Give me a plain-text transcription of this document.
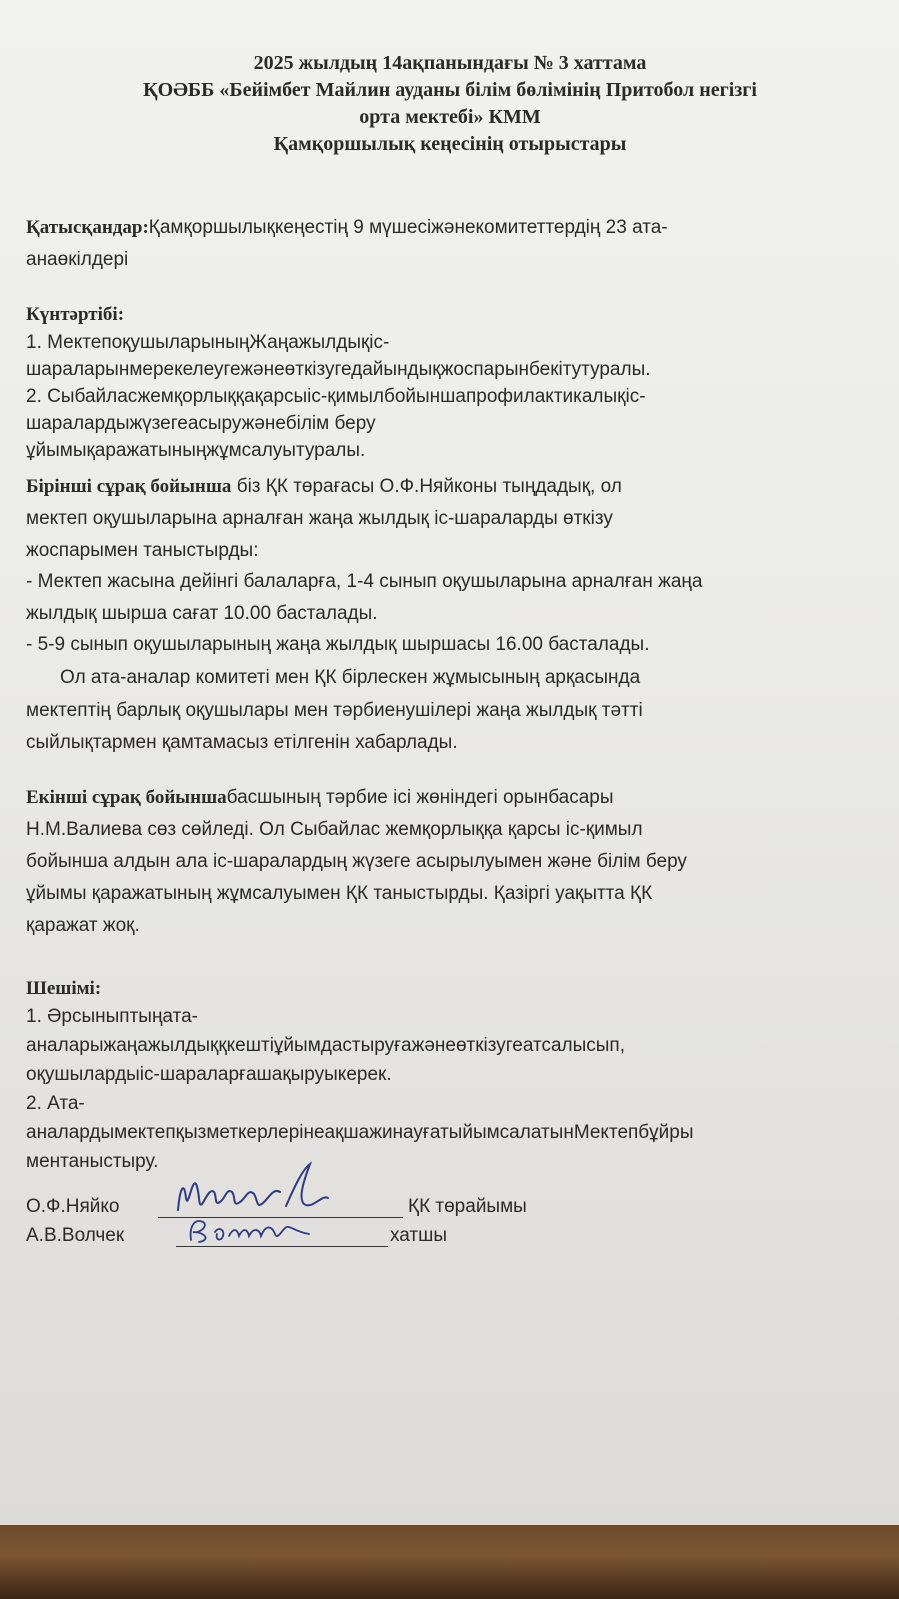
2025 жылдың 14ақпанындағы № 3 хаттама
ҚОӘББ «Бейімбет Майлин ауданы білім бөлімінің Притобол негізгі
орта мектебі» КММ
Қамқоршылық кеңесінің отырыстары
Қатысқандар:Қамқоршылықкеңестің 9 мүшесіжәнекомитеттердің 23 ата-
анаөкілдері
Күнтәртібі:
1. МектепоқушыларыныңЖаңажылдықіс-
шараларынмерекелеугежәнеөткізугедайындықжоспарынбекітутуралы.
2. Сыбайласжемқорлыққақарсыіс-қимылбойыншапрофилактикалықіс-
шаралардыжүзегеасыружәнебілім беру
ұйымықаражатыныңжұмсалуытуралы.
Бірінші сұрақ бойынша біз ҚК төрағасы О.Ф.Няйконы тыңдадық, ол
мектеп оқушыларына арналған жаңа жылдық іс-шараларды өткізу
жоспарымен таныстырды:
- Мектеп жасына дейінгі балаларға, 1-4 сынып оқушыларына арналған жаңа
жылдық шырша сағат 10.00 басталады.
- 5-9 сынып оқушыларының жаңа жылдық шыршасы 16.00 басталады.
Ол ата-аналар комитеті мен ҚК бірлескен жұмысының арқасында
мектептің барлық оқушылары мен тәрбиенушілері жаңа жылдық тәтті
сыйлықтармен қамтамасыз етілгенін хабарлады.
Екінші сұрақ бойыншабасшының тәрбие ісі жөніндегі орынбасары
Н.М.Валиева сөз сөйледі. Ол Сыбайлас жемқорлыққа қарсы іс-қимыл
бойынша алдын ала іс-шаралардың жүзеге асырылуымен және білім беру
ұйымы қаражатының жұмсалуымен ҚК таныстырды. Қазіргі уақытта ҚК
қаражат жоқ.
Шешімі:
1. Әрсыныптыңата-
аналарыжаңажылдыққкештіұйымдастыруғажәнеөткізугеатсалысып,
оқушылардыіс-шараларғашақыруыкерек.
2. Ата-
аналардымектепқызметкерлерінеақшажинауғатыйымсалатынМектепбұйры
ментаныстыру.
О.Ф.Няйко	ҚК төрайымы
А.В.Волчек	хатшы
